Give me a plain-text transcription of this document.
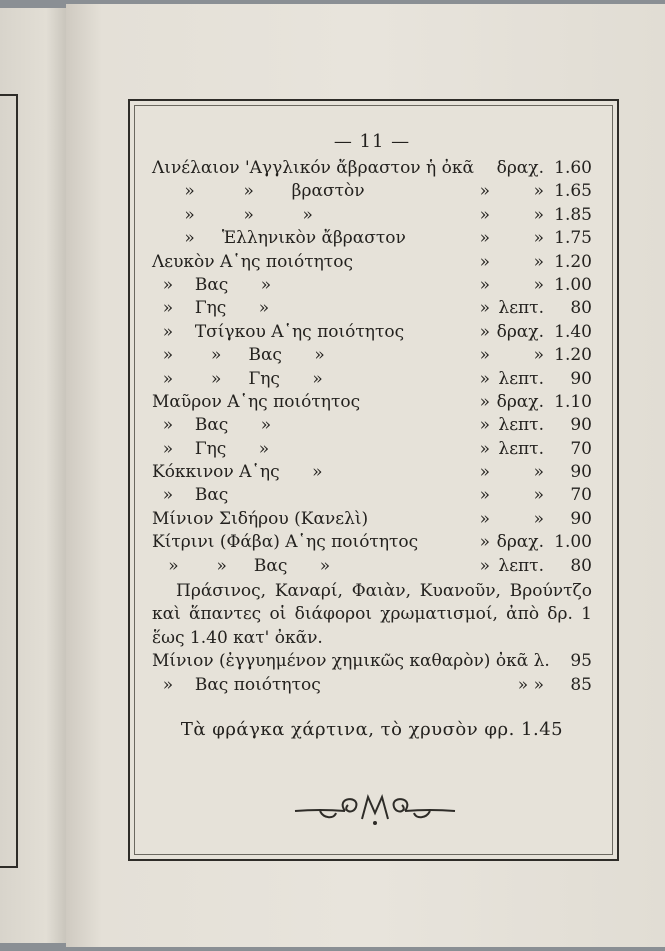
— 11 —
Λινέλαιον 'Αγγλικόν ἄβραστον ἡ ὀκᾶ δραχ. 1.60
»         »       βραστὸν	»	» 1.65
»         »         »	»	» 1.85
»     Ἑλληνικὸν ἄβραστον	»	» 1.75
Λευκὸν Α῾ης ποιότητος	»	» 1.20
»    Βας      »	»	» 1.00
»    Γης      »	» λεπτ. 80
»    Τσίγκου Α῾ης ποιότητος	» δραχ. 1.40
»       »     Βας      »	»	» 1.20
»       »     Γης      »	» λεπτ. 90
Μαῦρον Α῾ης ποιότητος	» δραχ. 1.10
»    Βας      »	» λεπτ. 90
»    Γης      »	» λεπτ. 70
Κόκκινον Α῾ης      »	»	» 90
»    Βας	»	» 70
Μίνιον Σιδήρου (Κανελὶ)	»	» 90
Κίτρινι (Φάβα) Α῾ης ποιότητος	» δραχ. 1.00
»       »     Βας      »	» λεπτ. 80

Πράσινος, Καναρί, Φαιὰν, Κυανοῦν, Βρούντζο καὶ ἅπαντες οἱ διάφοροι χρωματισμοί, ἀπὸ δρ. 1 ἕως 1.40 κατ' ὀκᾶν.

Μίνιον (ἐγγυημένον χημικῶς καθαρὸν) ὀκᾶ λ. 95
»    Βας ποιότητος	» » 85
Τὰ φράγκα χάρτινα, τὸ χρυσὸν φρ. 1.45
